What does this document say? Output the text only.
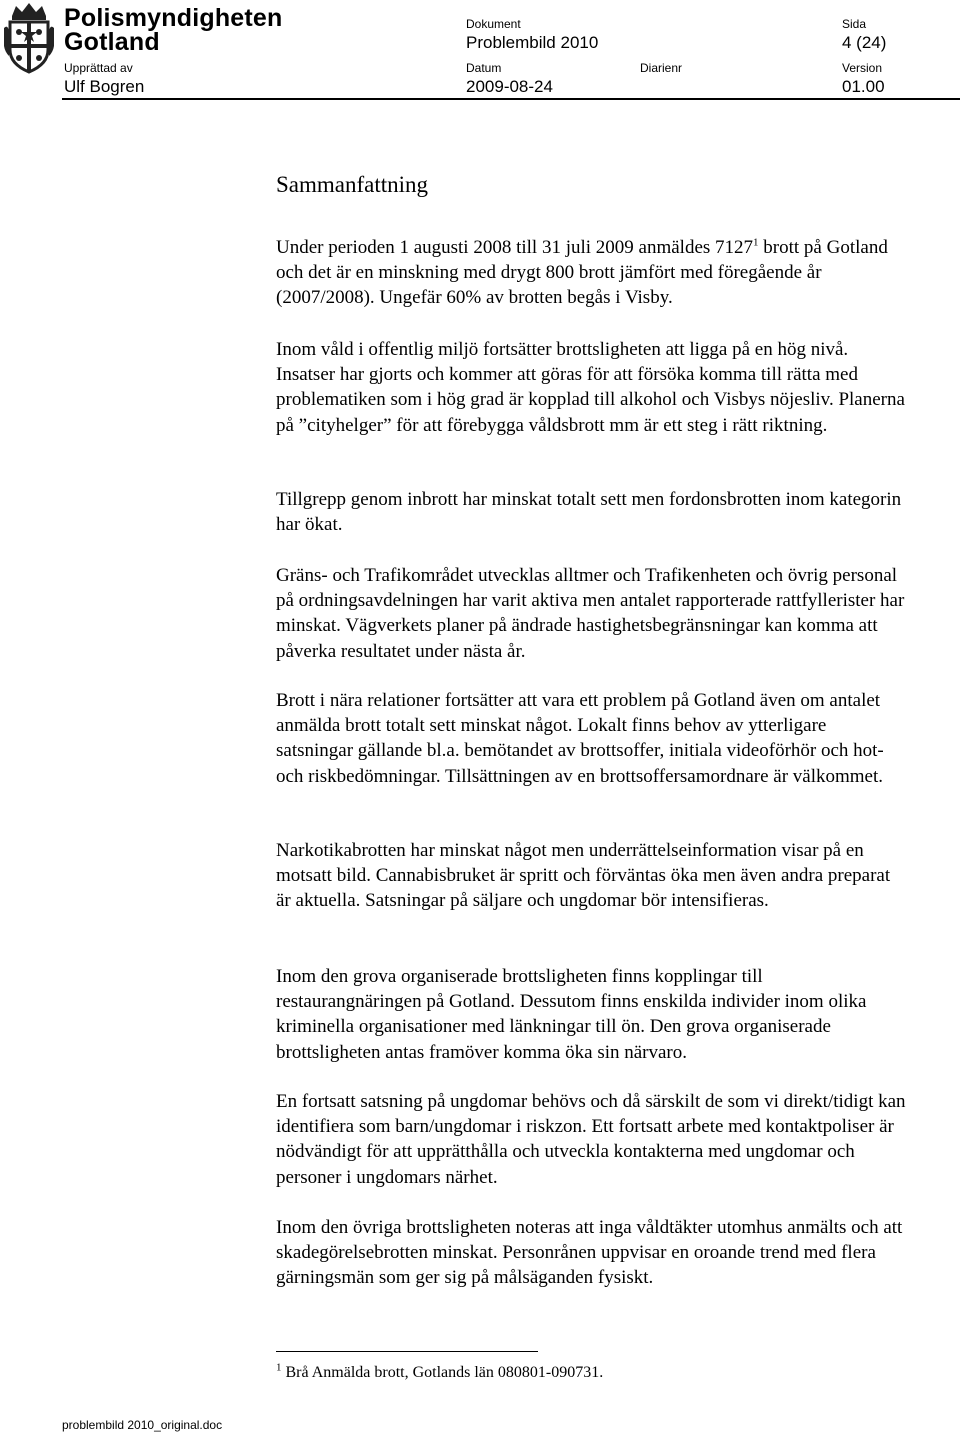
Polismyndigheten
Gotland
Dokument
Problembild 2010
Sida
4 (24)
Upprättad av
Ulf Bogren
Datum
2009-08-24
Diarienr	Version
01.00
Sammanfattning

Under perioden 1 augusti 2008 till 31 juli 2009 anmäldes 7127$^1$ brott på Gotland och det är en minskning med drygt 800 brott jämfört med föregående år (2007/2008). Ungefär 60% av brotten begås i Visby.

Inom våld i offentlig miljö fortsätter brottsligheten att ligga på en hög nivå. Insatser har gjorts och kommer att göras för att försöka komma till rätta med problematiken som i hög grad är kopplad till alkohol och Visbys nöjesliv. Planerna på ”cityhelger” för att förebygga våldsbrott mm är ett steg i rätt riktning.
Tillgrepp genom inbrott har minskat totalt sett men fordonsbrotten inom kategorin har ökat.
Gräns- och Trafikområdet utvecklas alltmer och Trafikenheten och övrig personal på ordningsavdelningen har varit aktiva men antalet rapporterade rattfyllerister har minskat. Vägverkets planer på ändrade hastighetsbegränsningar kan komma att påverka resultatet under nästa år.
Brott i nära relationer fortsätter att vara ett problem på Gotland även om antalet anmälda brott totalt sett minskat något. Lokalt finns behov av ytterligare satsningar gällande bl.a. bemötandet av brottsoffer, initiala videoförhör och hot- och riskbedömningar. Tillsättningen av en brottsoffersamordnare är välkommet.
Narkotikabrotten har minskat något men underrättelseinformation visar på en motsatt bild. Cannabisbruket är spritt och förväntas öka men även andra preparat är aktuella. Satsningar på säljare och ungdomar bör intensifieras.
Inom den grova organiserade brottsligheten finns kopplingar till restaurangnäringen på Gotland. Dessutom finns enskilda individer inom olika kriminella organisationer med länkningar till ön. Den grova organiserade brottsligheten antas framöver komma öka sin närvaro.
En fortsatt satsning på ungdomar behövs och då särskilt de som vi direkt/tidigt kan identifiera som barn/ungdomar i riskzon. Ett fortsatt arbete med kontaktpoliser är nödvändigt för att upprätthålla och utveckla kontakterna med ungdomar och personer i ungdomars närhet.
Inom den övriga brottsligheten noteras att inga våldtäkter utomhus anmälts och att skadegörelsebrotten minskat. Personrånen uppvisar en oroande trend med flera gärningsmän som ger sig på målsäganden fysiskt.
$^1$ Brå Anmälda brott, Gotlands län 080801-090731.
problembild 2010_original.doc
